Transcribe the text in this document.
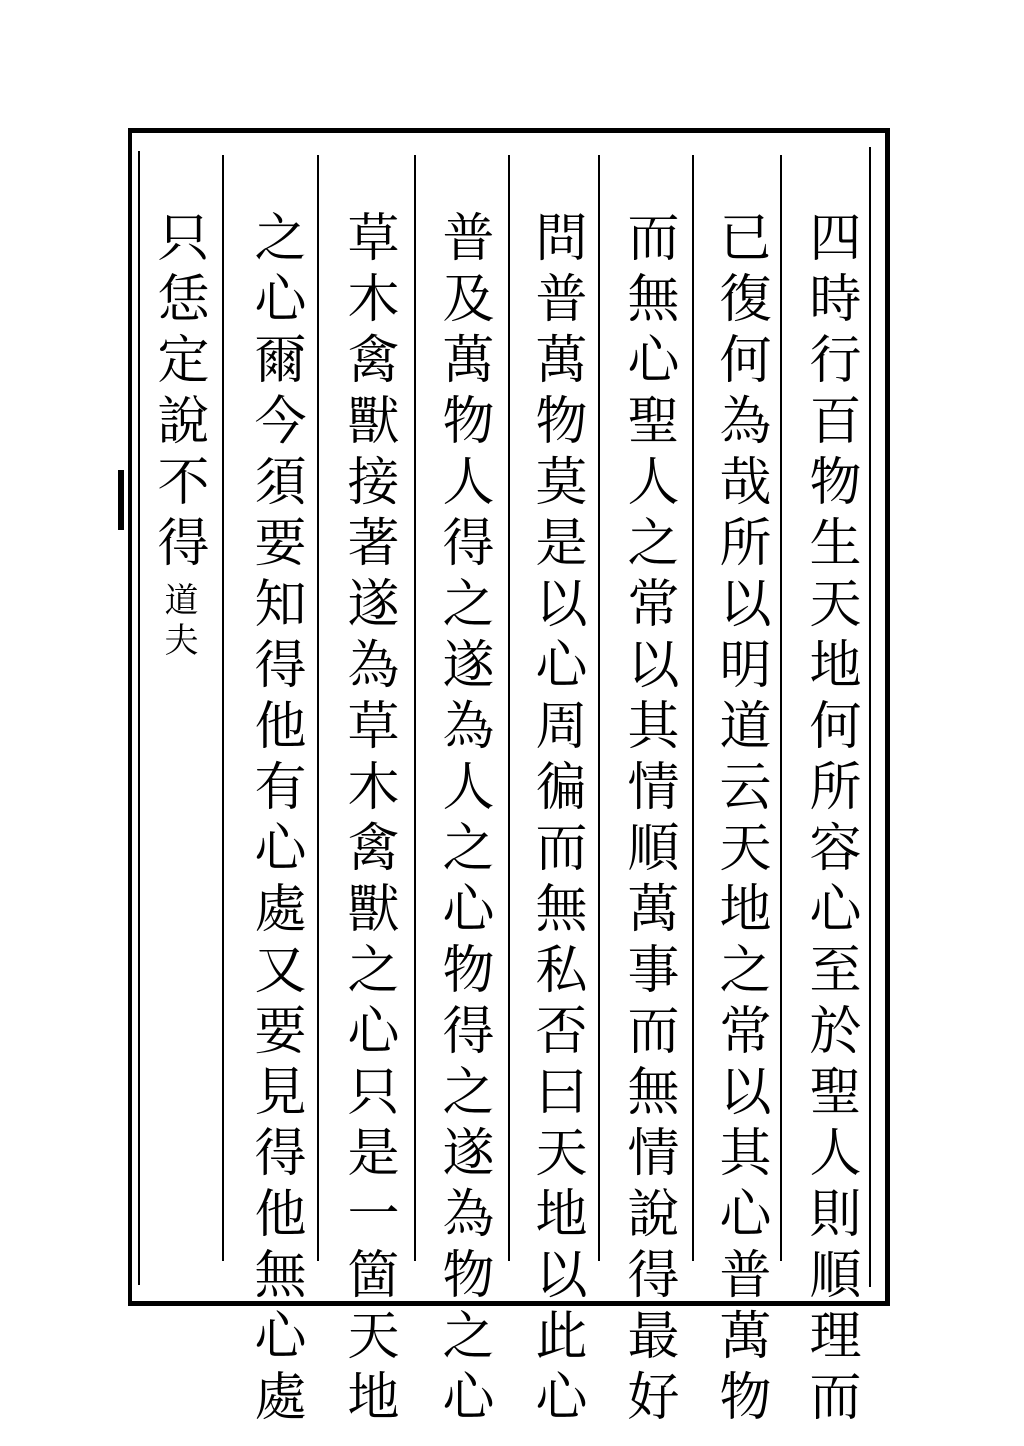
四時行百物生天地何所容心至於聖人則順理而
已復何為哉所以明道云天地之常以其心普萬物
而無心聖人之常以其情順萬事而無情說得最好
問普萬物莫是以心周徧而無私否曰天地以此心
普及萬物人得之遂為人之心物得之遂為物之心
草木禽獸接著遂為草木禽獸之心只是一箇天地
之心爾今須要知得他有心處又要見得他無心處
只恁定說不得
道夫
